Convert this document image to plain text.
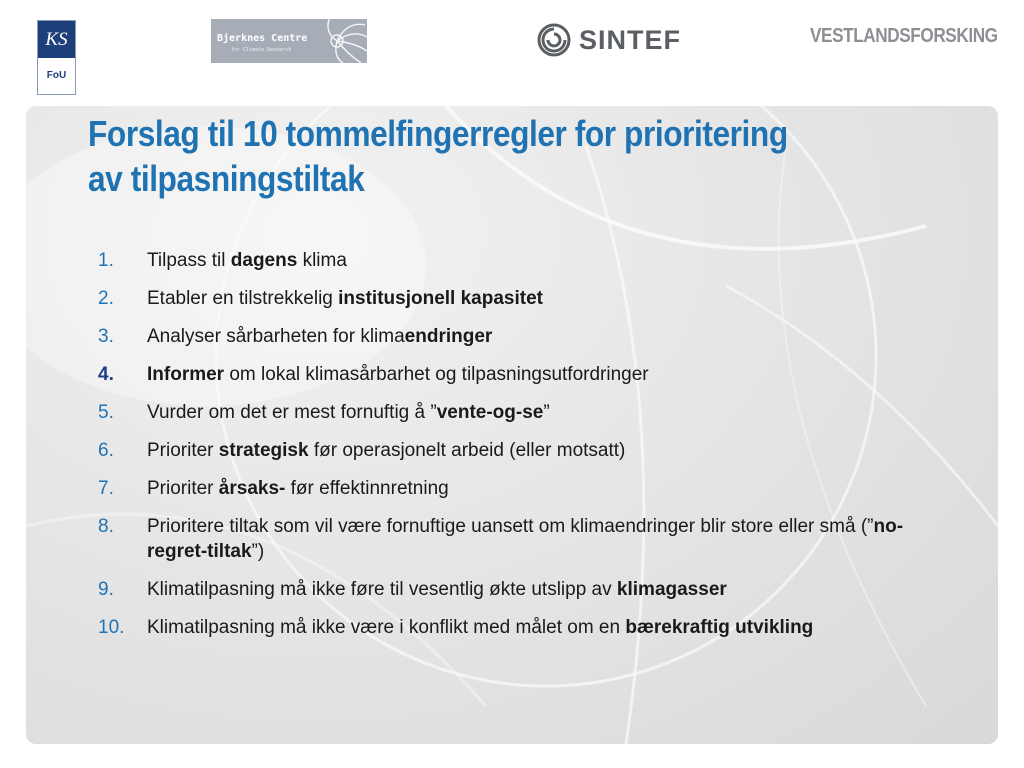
KS
FoU
Bjerknes Centre
for Climate Research	SINTEF	VESTLANDSFORSKING
Forslag til 10 tommelfingerregler for prioritering
av tilpasningstiltak
1.	Tilpass til dagens klima
2.	Etabler en tilstrekkelig institusjonell kapasitet
3.	Analyser sårbarheten for klimaendringer
4.	Informer om lokal klimasårbarhet og tilpasningsutfordringer
5.	Vurder om det er mest fornuftig å ”vente-og-se”
6.	Prioriter strategisk før operasjonelt arbeid (eller motsatt)
7.	Prioriter årsaks- før effektinnretning
8.	Prioritere tiltak som vil være fornuftige uansett om klimaendringer blir store eller små (”no-regret-tiltak”)
9.	Klimatilpasning må ikke føre til vesentlig økte utslipp av klimagasser
10.	Klimatilpasning må ikke være i konflikt med målet om en bærekraftig utvikling
